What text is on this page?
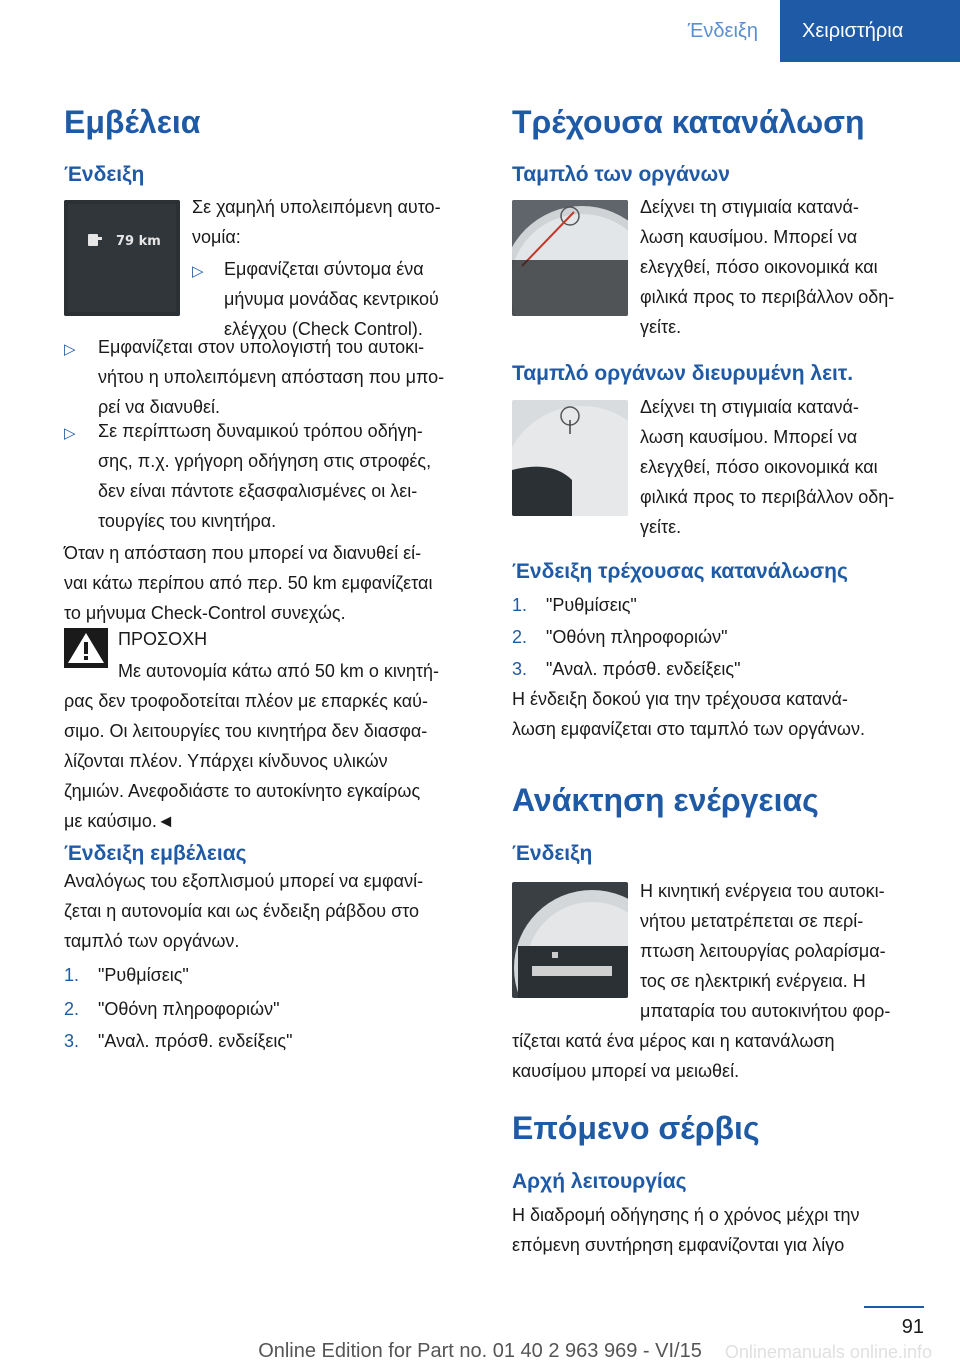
Ένδειξη	Χειριστήρια
Εμβέλεια
Ένδειξη
79 km
Σε χαμηλή υπολειπόμενη αυτο-
νομία:
▷ Εμφανίζεται σύντομα ένα
μήνυμα μονάδας κεντρικού
ελέγχου (Check Control).
▷ Εμφανίζεται στον υπολογιστή του αυτοκι-
νήτου η υπολειπόμενη απόσταση που μπο-
ρεί να διανυθεί.
▷ Σε περίπτωση δυναμικού τρόπου οδήγη-
σης, π.χ. γρήγορη οδήγηση στις στροφές,
δεν είναι πάντοτε εξασφαλισμένες οι λει-
τουργίες του κινητήρα.
Όταν η απόσταση που μπορεί να διανυθεί εί-
ναι κάτω περίπου από περ. 50 km εμφανίζεται
το μήνυμα Check-Control συνεχώς.
ΠΡΟΣΟΧΗ
Με αυτονομία κάτω από 50 km ο κινητή-
ρας δεν τροφοδοτείται πλέον με επαρκές καύ-
σιμο. Οι λειτουργίες του κινητήρα δεν διασφα-
λίζονται πλέον. Υπάρχει κίνδυνος υλικών
ζημιών. Ανεφοδιάστε το αυτοκίνητο εγκαίρως
με καύσιμο.◄
Ένδειξη εμβέλειας
Αναλόγως του εξοπλισμού μπορεί να εμφανί-
ζεται η αυτονομία και ως ένδειξη ράβδου στο
ταμπλό των οργάνων.
1. "Ρυθμίσεις"
2. "Οθόνη πληροφοριών"
3. "Αναλ. πρόσθ. ενδείξεις"
Τρέχουσα κατανάλωση
Ταμπλό των οργάνων
Δείχνει τη στιγμιαία κατανά-
λωση καυσίμου. Μπορεί να
ελεγχθεί, πόσο οικονομικά και
φιλικά προς το περιβάλλον οδη-
γείτε.
Ταμπλό οργάνων διευρυμένη λειτ.
Δείχνει τη στιγμιαία κατανά-
λωση καυσίμου. Μπορεί να
ελεγχθεί, πόσο οικονομικά και
φιλικά προς το περιβάλλον οδη-
γείτε.
Ένδειξη τρέχουσας κατανάλωσης
1. "Ρυθμίσεις"
2. "Οθόνη πληροφοριών"
3. "Αναλ. πρόσθ. ενδείξεις"
Η ένδειξη δοκού για την τρέχουσα κατανά-
λωση εμφανίζεται στο ταμπλό των οργάνων.
Ανάκτηση ενέργειας
Ένδειξη
Η κινητική ενέργεια του αυτοκι-
νήτου μετατρέπεται σε περί-
πτωση λειτουργίας ρολαρίσμα-
τος σε ηλεκτρική ενέργεια. Η
μπαταρία του αυτοκινήτου φορ-
τίζεται κατά ένα μέρος και η κατανάλωση
καυσίμου μπορεί να μειωθεί.
Επόμενο σέρβις
Αρχή λειτουργίας
Η διαδρομή οδήγησης ή ο χρόνος μέχρι την
επόμενη συντήρηση εμφανίζονται για λίγο
91
Online Edition for Part no. 01 40 2 963 969 - VI/15	Onlinemanuals online.info
